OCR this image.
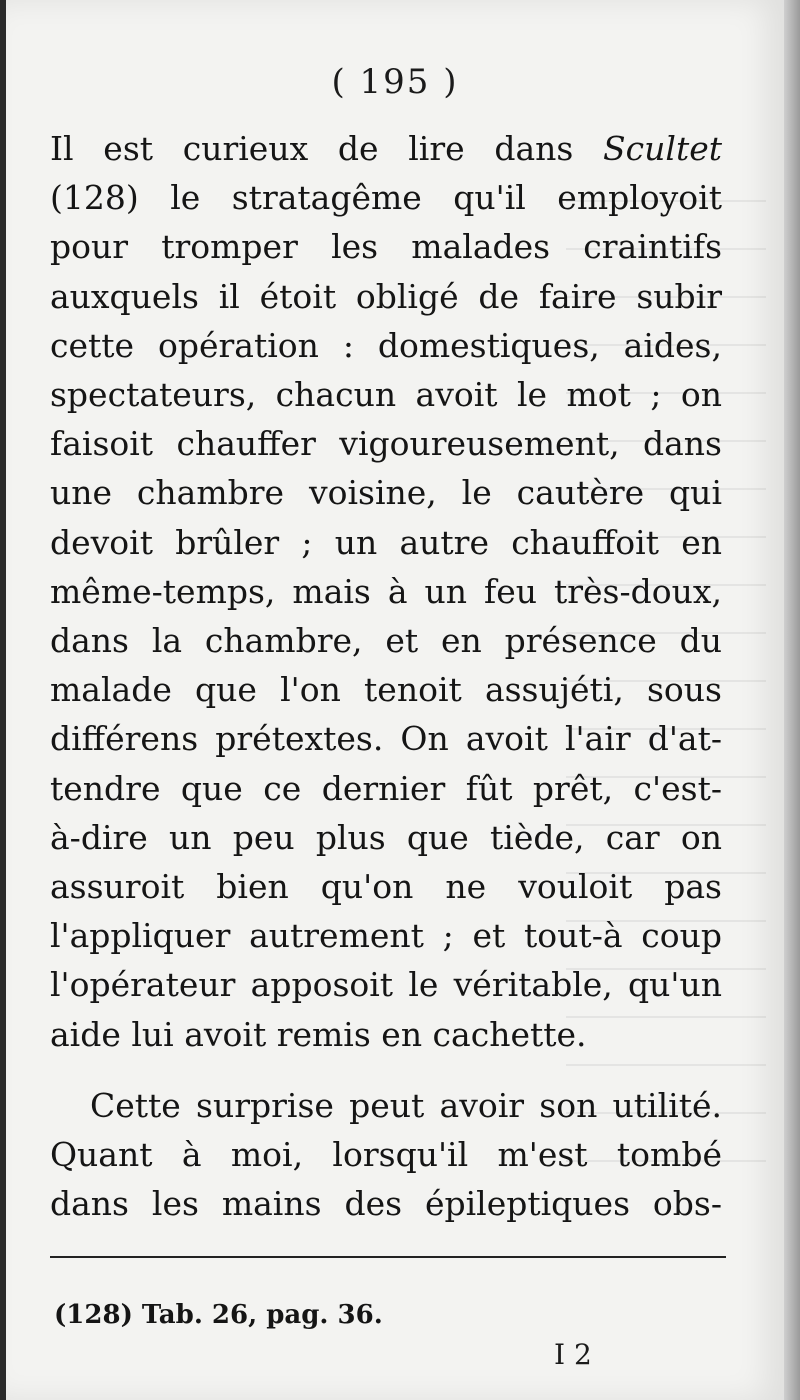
( 195 )
Il est curieux de lire dans Scultet
(128) le stratagême qu'il employoit
pour tromper les malades craintifs
auxquels il étoit obligé de faire subir
cette opération : domestiques, aides,
spectateurs, chacun avoit le mot ; on
faisoit chauffer vigoureusement, dans
une chambre voisine, le cautère qui
devoit brûler ; un autre chauffoit en
même-temps, mais à un feu très-doux,
dans la chambre, et en présence du
malade que l'on tenoit assujéti, sous
différens prétextes. On avoit l'air d'at-
tendre que ce dernier fût prêt, c'est-
à-dire un peu plus que tiède, car on
assuroit bien qu'on ne vouloit pas
l'appliquer autrement ; et tout-à coup
l'opérateur apposoit le véritable, qu'un
aide lui avoit remis en cachette.
Cette surprise peut avoir son utilité.
Quant à moi, lorsqu'il m'est tombé
dans les mains des épileptiques obs-
(128) Tab. 26, pag. 36.
I 2
